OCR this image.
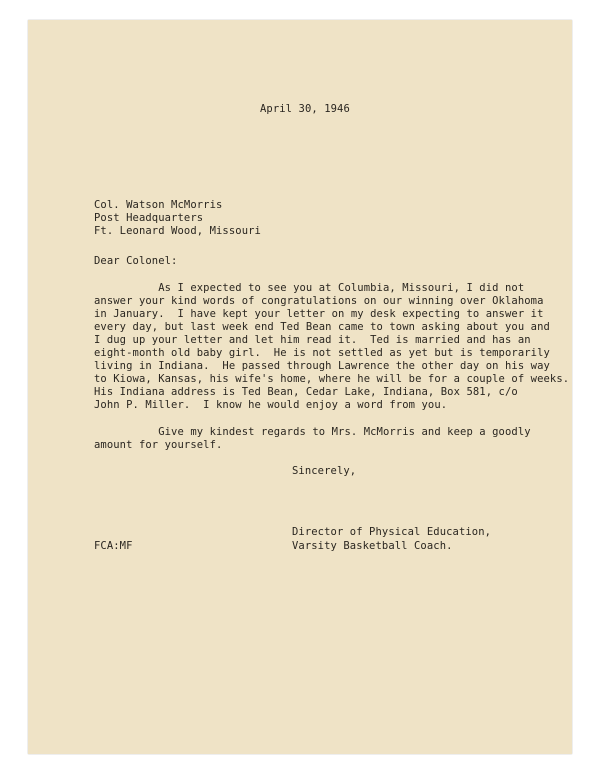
April 30, 1946
Col. Watson McMorris
Post Headquarters
Ft. Leonard Wood, Missouri
Dear Colonel:
As I expected to see you at Columbia, Missouri, I did not
answer your kind words of congratulations on our winning over Oklahoma
in January.  I have kept your letter on my desk expecting to answer it
every day, but last week end Ted Bean came to town asking about you and
I dug up your letter and let him read it.  Ted is married and has an
eight-month old baby girl.  He is not settled as yet but is temporarily
living in Indiana.  He passed through Lawrence the other day on his way
to Kiowa, Kansas, his wife's home, where he will be for a couple of weeks.
His Indiana address is Ted Bean, Cedar Lake, Indiana, Box 581, c/o
John P. Miller.  I know he would enjoy a word from you.
Give my kindest regards to Mrs. McMorris and keep a goodly
amount for yourself.
Sincerely,
Director of Physical Education,
Varsity Basketball Coach.
FCA:MF
